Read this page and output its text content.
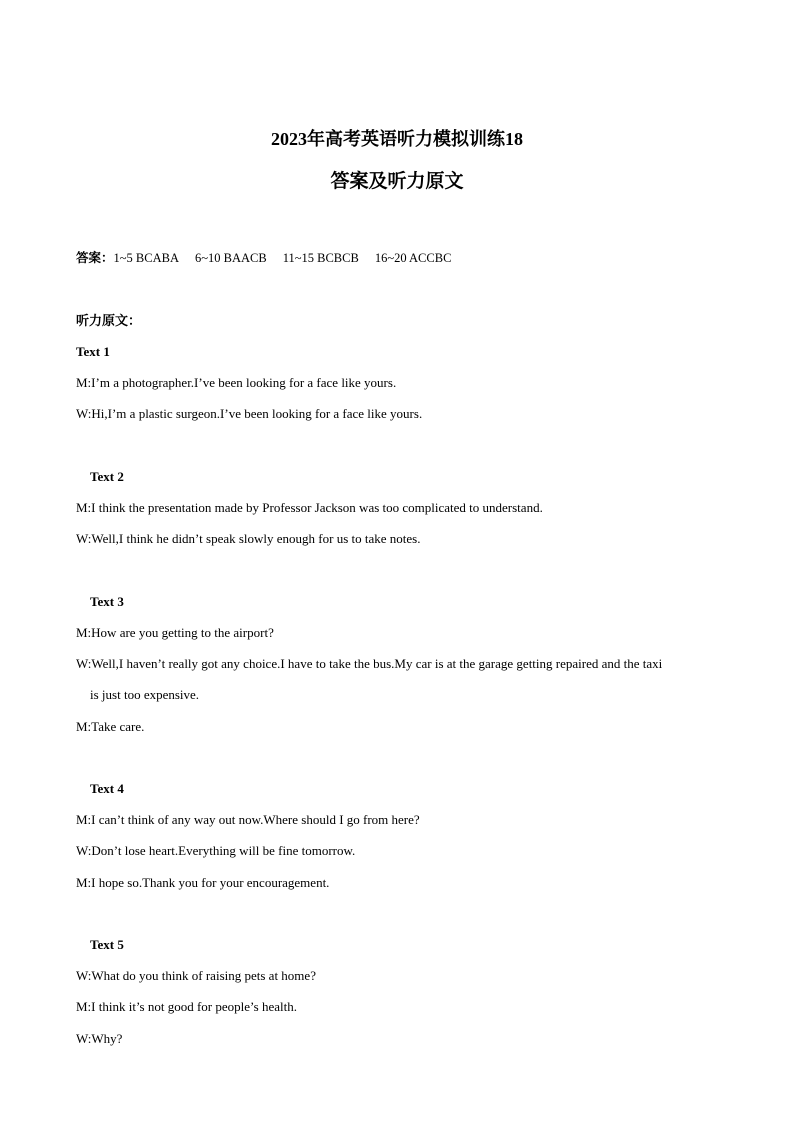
2023年高考英语听力模拟训练18
答案及听力原文
答案：1~5 BCABA 6~10 BAACB 11~15 BCBCB 16~20 ACCBC
听力原文：
Text 1
M:I’m a photographer.I’ve been looking for a face like yours.
W:Hi,I’m a plastic surgeon.I’ve been looking for a face like yours.
Text 2
M:I think the presentation made by Professor Jackson was too complicated to understand.
W:Well,I think he didn’t speak slowly enough for us to take notes.
Text 3
M:How are you getting to the airport?
W:Well,I haven’t really got any choice.I have to take the bus.My car is at the garage getting repaired and the taxi
is just too expensive.
M:Take care.
Text 4
M:I can’t think of any way out now.Where should I go from here?
W:Don’t lose heart.Everything will be fine tomorrow.
M:I hope so.Thank you for your encouragement.
Text 5
W:What do you think of raising pets at home?
M:I think it’s not good for people’s health.
W:Why?
